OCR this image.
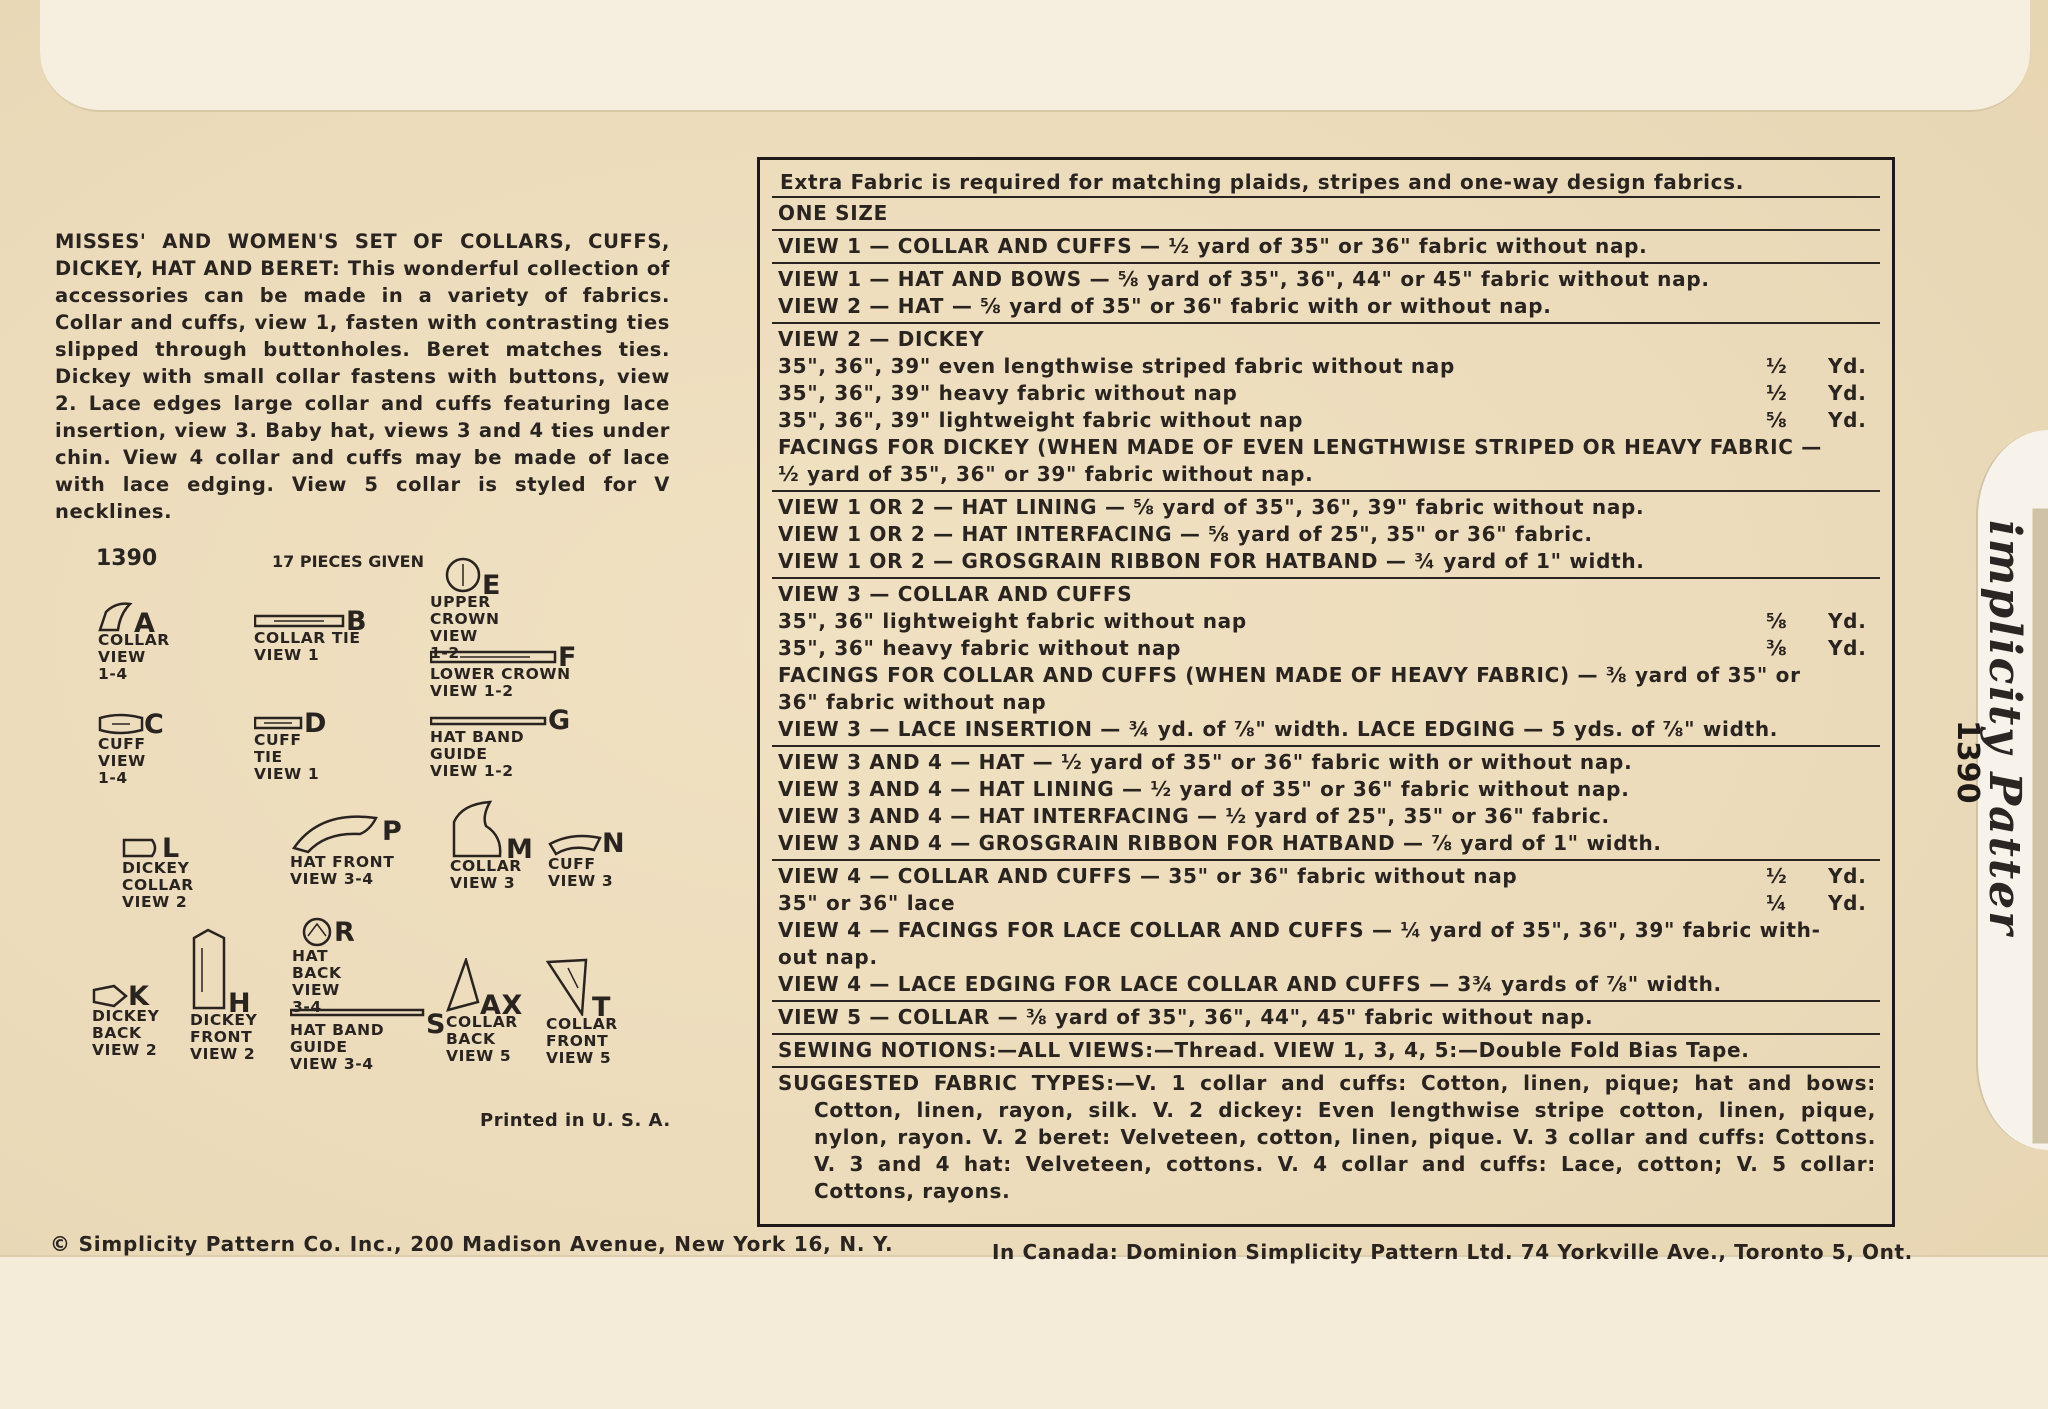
implicity Patter
1390
MISSES' AND WOMEN'S SET OF COLLARS, CUFFS, DICKEY, HAT AND BERET: This wonderful collection of accessories can be made in a variety of fabrics. Collar and cuffs, view 1, fasten with contrasting ties slipped through buttonholes. Beret matches ties. Dickey with small collar fastens with buttons, view 2. Lace edges large collar and cuffs featuring lace insertion, view 3. Baby hat, views 3 and 4 ties under chin. View 4 collar and cuffs may be made of lace with lace edging. View 5 collar is styled for V necklines.
1390	17 PIECES GIVEN
A
COLLAR
VIEW 1-4
B
COLLAR TIE
VIEW 1
E
UPPER CROWN
VIEW 1-2	F
LOWER CROWN
VIEW 1-2
C
CUFF
VIEW 1-4
D
CUFF TIE
VIEW 1
G
HAT BAND GUIDE
VIEW 1-2
L
DICKEY COLLAR
VIEW 2
P
HAT FRONT
VIEW 3-4
M
COLLAR
VIEW 3
N
CUFF
VIEW 3
R
HAT BACK
VIEW 3-4
K
DICKEY BACK
VIEW 2
H
DICKEY FRONT
VIEW 2
HAT BAND GUIDE
VIEW 3-4
S
AX
COLLAR BACK
VIEW 5
T
COLLAR FRONT
VIEW 5
Printed in U. S. A.
Extra Fabric is required for matching plaids, stripes and one-way design fabrics.
ONE SIZE
VIEW 1 — COLLAR AND CUFFS — ½ yard of 35" or 36" fabric without nap.
VIEW 1 — HAT AND BOWS — ⅝ yard of 35", 36", 44" or 45" fabric without nap.
VIEW 2 — HAT — ⅝ yard of 35" or 36" fabric with or without nap.
VIEW 2 — DICKEY
35", 36", 39" even lengthwise striped fabric without nap	½ Yd.
35", 36", 39" heavy fabric without nap	½ Yd.
35", 36", 39" lightweight fabric without nap	⅝ Yd.
FACINGS FOR DICKEY (WHEN MADE OF EVEN LENGTHWISE STRIPED OR HEAVY FABRIC —
½ yard of 35", 36" or 39" fabric without nap.
VIEW 1 OR 2 — HAT LINING — ⅝ yard of 35", 36", 39" fabric without nap.
VIEW 1 OR 2 — HAT INTERFACING — ⅝ yard of 25", 35" or 36" fabric.
VIEW 1 OR 2 — GROSGRAIN RIBBON FOR HATBAND — ¾ yard of 1" width.
VIEW 3 — COLLAR AND CUFFS
35", 36" lightweight fabric without nap	⅝ Yd.
35", 36" heavy fabric without nap	⅜ Yd.
FACINGS FOR COLLAR AND CUFFS (WHEN MADE OF HEAVY FABRIC) — ⅜ yard of 35" or
36" fabric without nap
VIEW 3 — LACE INSERTION — ¾ yd. of ⅞" width. LACE EDGING — 5 yds. of ⅞" width.
VIEW 3 AND 4 — HAT — ½ yard of 35" or 36" fabric with or without nap.
VIEW 3 AND 4 — HAT LINING — ½ yard of 35" or 36" fabric without nap.
VIEW 3 AND 4 — HAT INTERFACING — ½ yard of 25", 35" or 36" fabric.
VIEW 3 AND 4 — GROSGRAIN RIBBON FOR HATBAND — ⅞ yard of 1" width.
VIEW 4 — COLLAR AND CUFFS — 35" or 36" fabric without nap	½ Yd.
35" or 36" lace	¼ Yd.
VIEW 4 — FACINGS FOR LACE COLLAR AND CUFFS — ¼ yard of 35", 36", 39" fabric with-
out nap.
VIEW 4 — LACE EDGING FOR LACE COLLAR AND CUFFS — 3¾ yards of ⅞" width.
VIEW 5 — COLLAR — ⅜ yard of 35", 36", 44", 45" fabric without nap.
SEWING NOTIONS:—ALL VIEWS:—Thread. VIEW 1, 3, 4, 5:—Double Fold Bias Tape.
SUGGESTED FABRIC TYPES:—V. 1 collar and cuffs: Cotton, linen, pique; hat and bows: Cotton, linen, rayon, silk. V. 2 dickey: Even lengthwise stripe cotton, linen, pique, nylon, rayon. V. 2 beret: Velveteen, cotton, linen, pique. V. 3 collar and cuffs: Cottons. V. 3 and 4 hat: Velveteen, cottons. V. 4 collar and cuffs: Lace, cotton; V. 5 collar: Cottons, rayons.
© Simplicity Pattern Co. Inc., 200 Madison Avenue, New York 16, N. Y.	In Canada: Dominion Simplicity Pattern Ltd. 74 Yorkville Ave., Toronto 5, Ont.
